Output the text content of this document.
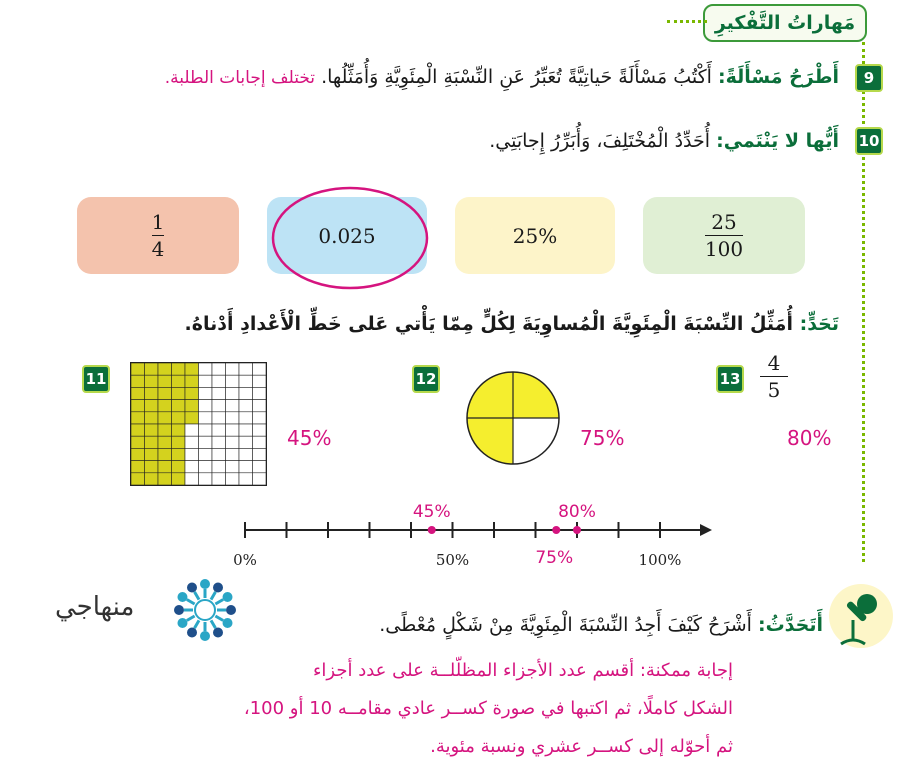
مَهاراتُ التَّفْكيرِ
9
أَطْرَحُ مَسْأَلَةً: أَكْتُبُ مَسْأَلَةً حَياتِيَّةً تُعَبِّرُ عَنِ النِّسْبَةِ الْمِئَوِيَّةِ وَأُمَثِّلُها. تختلف إجابات الطلبة.
10
أَيُّها لا يَنْتَمي: أُحَدِّدُ الْمُخْتَلِفَ، وَأُبَرِّرُ إِجابَتِي.
$\frac{25}{100}$
25%
0.025
$\frac{1}{4}$
تَحَدٍّ: أُمَثِّلُ النِّسْبَةَ الْمِئَوِيَّةَ الْمُساوِيَةَ لِكُلٍّ مِمّا يَأْتي عَلى خَطِّ الْأَعْدادِ أَدْناهُ.
11
45%
12
75%
$13 \frac{4}{5}$
80%
45%
75%
80%
0%	50%	100%
أَتَحَدَّثُ: أَشْرَحُ كَيْفَ أَجِدُ النِّسْبَةَ الْمِئَوِيَّةَ مِنْ شَكْلٍ مُعْطًى.
إجابة ممكنة: أقسم عدد الأجزاء المظلّلــة على عدد أجزاء
الشكل كاملًا، ثم اكتبها في صورة كســر عادي مقامــه 10 أو 100،
ثم أحوّله إلى كســر عشري ونسبة مئوية.
منهاجي
